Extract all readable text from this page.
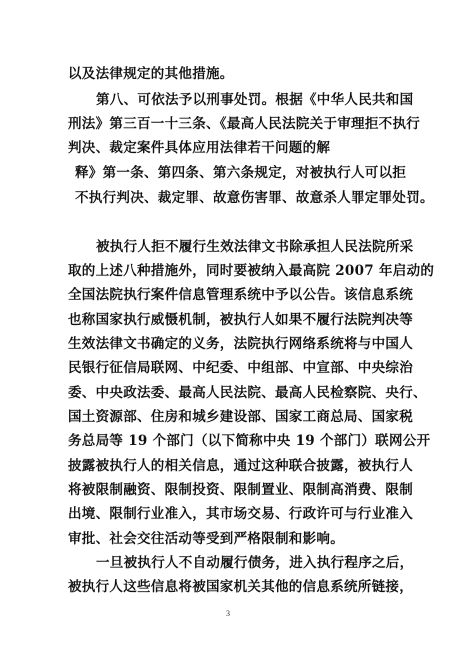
以及法律规定的其他措施。
第八、可依法予以刑事处罚。根据《中华人民共和国
刑法》第三百一十三条、《最高人民法院关于审理拒不执行
判决、裁定案件具体应用法律若干问题的解
释》第一条、第四条、第六条规定，对被执行人可以拒
不执行判决、裁定罪、故意伤害罪、故意杀人罪定罪处罚。
被执行人拒不履行生效法律文书除承担人民法院所采
取的上述八种措施外，同时要被纳入最高院 2007 年启动的
全国法院执行案件信息管理系统中予以公告。该信息系统
也称国家执行威慑机制，被执行人如果不履行法院判决等
生效法律文书确定的义务，法院执行网络系统将与中国人
民银行征信局联网、中纪委、中组部、中宣部、中央综治
委、中央政法委、最高人民法院、最高人民检察院、央行、
国土资源部、住房和城乡建设部、国家工商总局、国家税
务总局等 19 个部门（以下简称中央 19 个部门）联网公开
披露被执行人的相关信息，通过这种联合披露，被执行人
将被限制融资、限制投资、限制置业、限制高消费、限制
出境、限制行业准入，其市场交易、行政许可与行业准入
审批、社会交往活动等受到严格限制和影响。
一旦被执行人不自动履行债务，进入执行程序之后，
被执行人这些信息将被国家机关其他的信息系统所链接，
3
